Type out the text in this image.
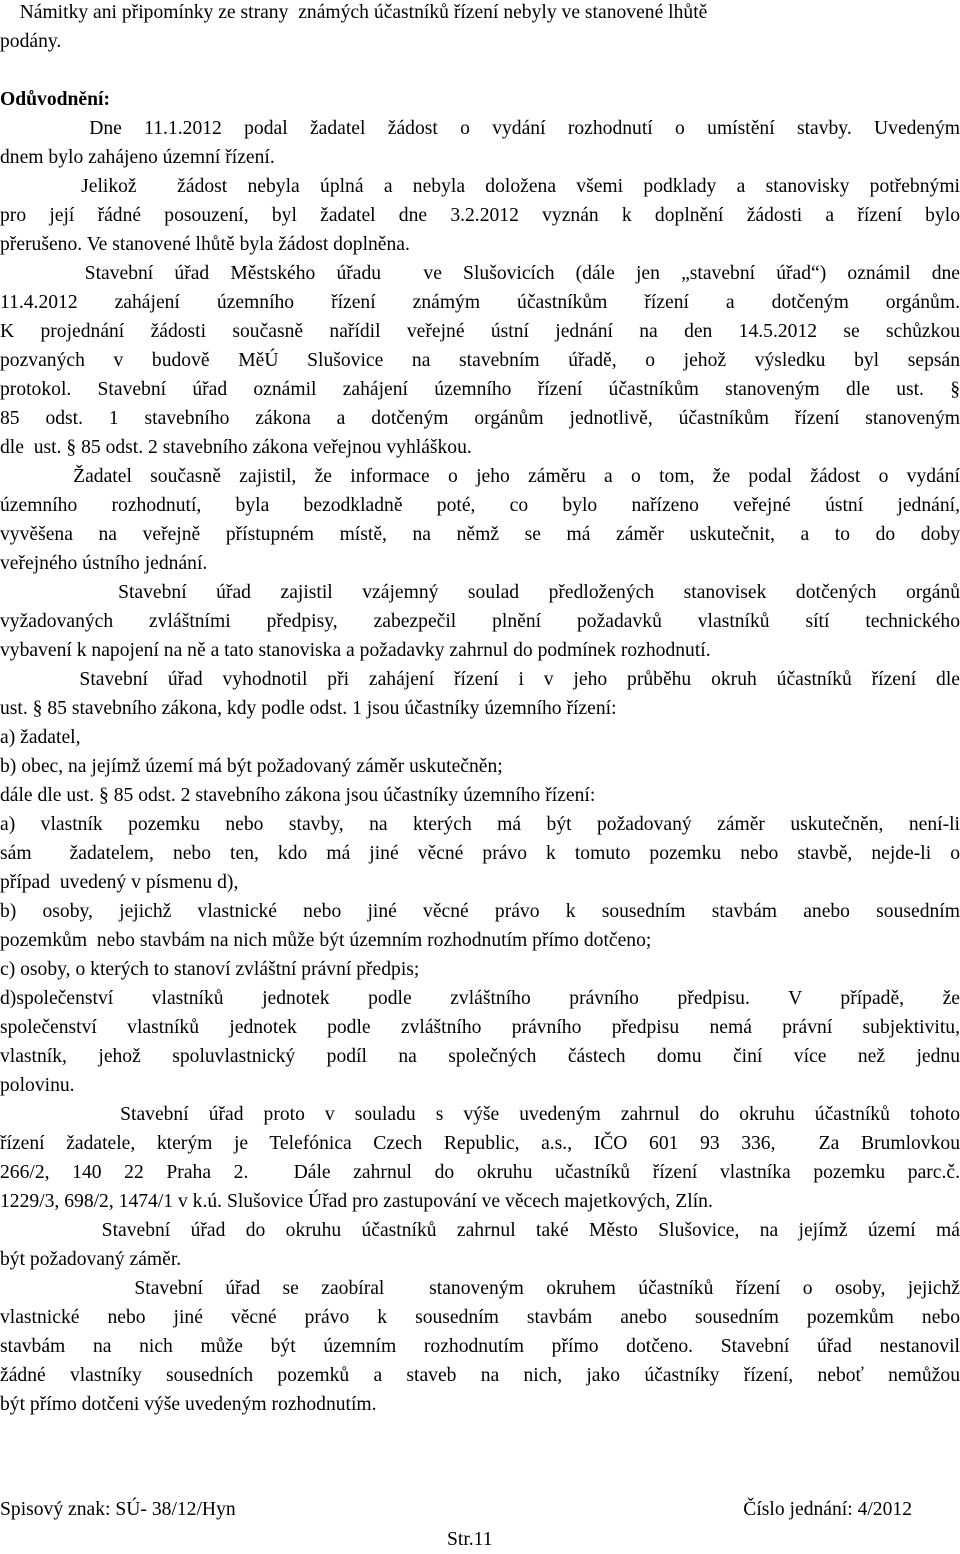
Námitky ani připomínky ze strany  známých účastníků řízení nebyly ve stanovené lhůtě
podány.
Odůvodnění:
Dne 11.1.2012 podal žadatel žádost o vydání rozhodnutí o umístění stavby. Uvedeným
dnem bylo zahájeno územní řízení.
Jelikož  žádost nebyla úplná a nebyla doložena všemi podklady a stanovisky potřebnými
pro její řádné posouzení, byl žadatel dne 3.2.2012 vyznán k doplnění žádosti a řízení bylo
přerušeno. Ve stanovené lhůtě byla žádost doplněna.
Stavební úřad Městského úřadu  ve Slušovicích (dále jen „stavební úřad“) oznámil dne
11.4.2012 zahájení územního řízení známým účastníkům řízení a dotčeným orgánům.
K projednání žádosti současně nařídil veřejné ústní jednání na den 14.5.2012 se schůzkou
pozvaných v budově MěÚ Slušovice na stavebním úřadě, o jehož výsledku byl sepsán
protokol. Stavební úřad oznámil zahájení územního řízení účastníkům stanoveným dle ust. §
85 odst. 1 stavebního zákona a dotčeným orgánům jednotlivě, účastníkům řízení stanoveným
dle  ust. § 85 odst. 2 stavebního zákona veřejnou vyhláškou.
Žadatel současně zajistil, že informace o jeho záměru a o tom, že podal žádost o vydání
územního rozhodnutí, byla bezodkladně poté, co bylo nařízeno veřejné ústní jednání,
vyvěšena na veřejně přístupném místě, na němž se má záměr uskutečnit, a to do doby
veřejného ústního jednání.
Stavební úřad zajistil vzájemný soulad předložených stanovisek dotčených orgánů
vyžadovaných zvláštními předpisy, zabezpečil plnění požadavků vlastníků sítí technického
vybavení k napojení na ně a tato stanoviska a požadavky zahrnul do podmínek rozhodnutí.
Stavební úřad vyhodnotil při zahájení řízení i v jeho průběhu okruh účastníků řízení dle
ust. § 85 stavebního zákona, kdy podle odst. 1 jsou účastníky územního řízení:
a) žadatel,
b) obec, na jejímž území má být požadovaný záměr uskutečněn;
dále dle ust. § 85 odst. 2 stavebního zákona jsou účastníky územního řízení:
a) vlastník pozemku nebo stavby, na kterých má být požadovaný záměr uskutečněn, není-li
sám  žadatelem, nebo ten, kdo má jiné věcné právo k tomuto pozemku nebo stavbě, nejde-li o
případ  uvedený v písmenu d),
b) osoby, jejichž vlastnické nebo jiné věcné právo k sousedním stavbám anebo sousedním
pozemkům  nebo stavbám na nich může být územním rozhodnutím přímo dotčeno;
c) osoby, o kterých to stanoví zvláštní právní předpis;
d)společenství vlastníků jednotek podle zvláštního právního předpisu. V případě, že
společenství vlastníků jednotek podle zvláštního právního předpisu nemá právní subjektivitu,
vlastník, jehož spoluvlastnický podíl na společných částech domu činí více než jednu
polovinu.
Stavební úřad proto v souladu s výše uvedeným zahrnul do okruhu účastníků tohoto
řízení žadatele, kterým je Telefónica Czech Republic, a.s., IČO 601 93 336,  Za Brumlovkou
266/2, 140 22 Praha 2.  Dále zahrnul do okruhu učastníků řízení vlastníka pozemku parc.č.
1229/3, 698/2, 1474/1 v k.ú. Slušovice Úřad pro zastupování ve věcech majetkových, Zlín.
Stavební úřad do okruhu účastníků zahrnul také Město Slušovice, na jejímž území má
být požadovaný záměr.
Stavební úřad se zaobíral  stanoveným okruhem účastníků řízení o osoby, jejichž
vlastnické nebo jiné věcné právo k sousedním stavbám anebo sousedním pozemkům nebo
stavbám na nich může být územním rozhodnutím přímo dotčeno. Stavební úřad nestanovil
žádné vlastníky sousedních pozemků a staveb na nich, jako účastníky řízení, neboť nemůžou
být přímo dotčeni výše uvedeným rozhodnutím.
Spisový znak: SÚ- 38/12/Hyn	Číslo jednání: 4/2012
Str.11
